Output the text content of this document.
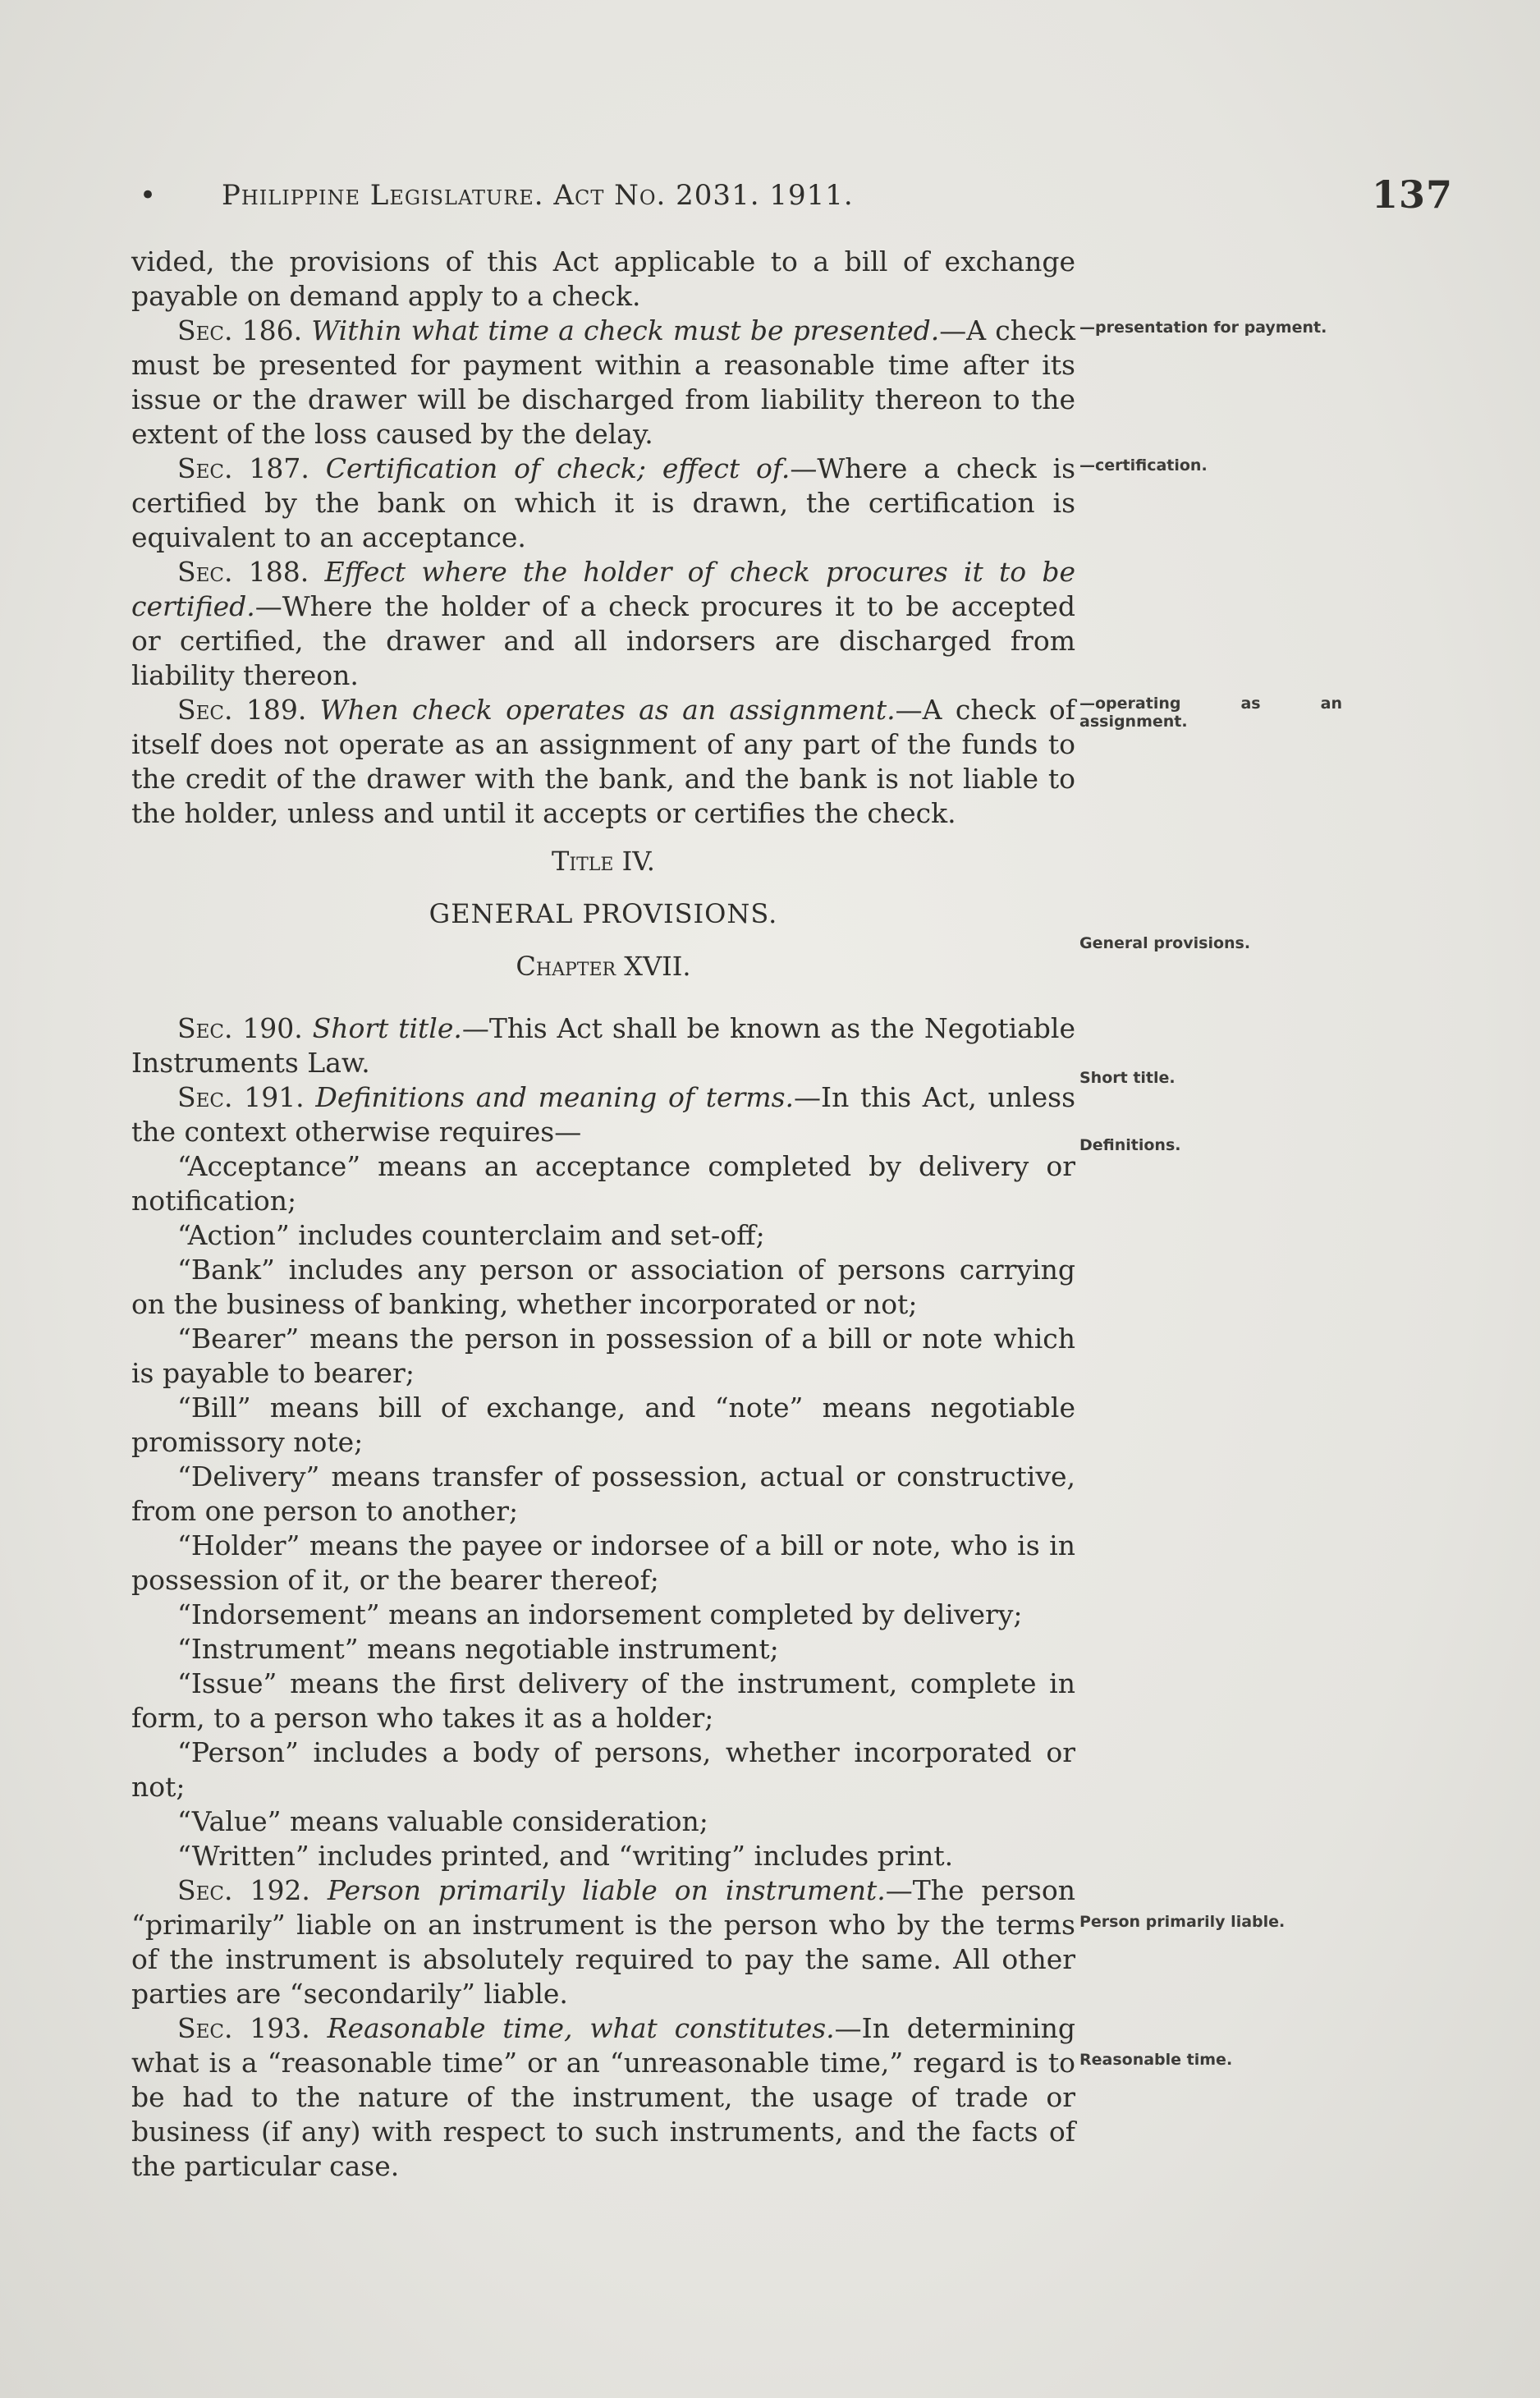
• Philippine Legislature. Act No. 2031. 1911.	137

vided, the provisions of this Act applicable to a bill of exchange payable on demand apply to a check.

Sec. 186. Within what time a check must be presented.—A check must be presented for payment within a reasonable time after its issue or the drawer will be discharged from liability thereon to the extent of the loss caused by the delay.

Sec. 187. Certification of check; effect of.—Where a check is certified by the bank on which it is drawn, the certification is equivalent to an acceptance.

Sec. 188. Effect where the holder of check procures it to be certified.—Where the holder of a check procures it to be accepted or certified, the drawer and all indorsers are discharged from liability thereon.

Sec. 189. When check operates as an assignment.—A check of itself does not operate as an assignment of any part of the funds to the credit of the drawer with the bank, and the bank is not liable to the holder, unless and until it accepts or certifies the check.

Title IV.

GENERAL PROVISIONS.

Chapter XVII.

Sec. 190. Short title.—This Act shall be known as the Negotiable Instruments Law.

Sec. 191. Definitions and meaning of terms.—In this Act, unless the context otherwise requires—

“Acceptance” means an acceptance completed by delivery or notification;

“Action” includes counterclaim and set-off;

“Bank” includes any person or association of persons carrying on the business of banking, whether incorporated or not;

“Bearer” means the person in possession of a bill or note which is payable to bearer;

“Bill” means bill of exchange, and “note” means negotiable promissory note;

“Delivery” means transfer of possession, actual or constructive, from one person to another;

“Holder” means the payee or indorsee of a bill or note, who is in possession of it, or the bearer thereof;

“Indorsement” means an indorsement completed by delivery;

“Instrument” means negotiable instrument;

“Issue” means the first delivery of the instrument, complete in form, to a person who takes it as a holder;

“Person” includes a body of persons, whether incorporated or not;

“Value” means valuable consideration;

“Written” includes printed, and “writing” includes print.

Sec. 192. Person primarily liable on instrument.—The person “primarily” liable on an instrument is the person who by the terms of the instrument is absolutely required to pay the same. All other parties are “secondarily” liable.

Sec. 193. Reasonable time, what constitutes.—In determining what is a “reasonable time” or an “unreasonable time,” regard is to be had to the nature of the instrument, the usage of trade or business (if any) with respect to such instruments, and the facts of the particular case.

—presentation for payment.
—certification.
—operating as an assignment.
General provisions.
Short title.
Definitions.
Person primarily liable.
Reasonable time.
